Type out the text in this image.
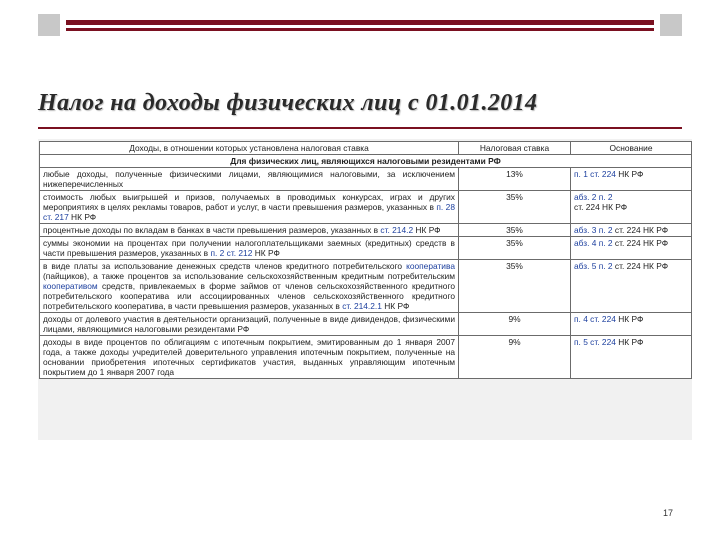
Налог на доходы физических лиц с 01.01.2014
Доходы, в отношении которых установлена налоговая ставка	Налоговая ставка	Основание
Для физических лиц, являющихся налоговыми резидентами РФ		
любые доходы, полученные физическими лицами, являющимися налоговыми, за исключением нижеперечисленных	13%	п. 1 ст. 224 НК РФ
стоимость любых выигрышей и призов, получаемых в проводимых конкурсах, играх и других мероприятиях в целях рекламы товаров, работ и услуг, в части превышения размеров, указанных в п. 28 ст. 217 НК РФ	35%	абз. 2 п. 2
ст. 224 НК РФ
процентные доходы по вкладам в банках в части превышения размеров, указанных в ст. 214.2 НК РФ	35%	абз. 3 п. 2 ст. 224 НК РФ
суммы экономии на процентах при получении налогоплательщиками заемных (кредитных) средств в части превышения размеров, указанных в п. 2 ст. 212 НК РФ	35%	абз. 4 п. 2 ст. 224 НК РФ
в виде платы за использование денежных средств членов кредитного потребительского кооператива (пайщиков), а также процентов за использование сельскохозяйственным кредитным потребительским кооперативом средств, привлекаемых в форме займов от членов сельскохозяйственного кредитного потребительского кооператива или ассоциированных членов сельскохозяйственного кредитного потребительского кооператива, в части превышения размеров, указанных в ст. 214.2.1 НК РФ	35%	абз. 5 п. 2 ст. 224 НК РФ
доходы от долевого участия в деятельности организаций, полученные в виде дивидендов, физическими лицами, являющимися налоговыми резидентами РФ	9%	п. 4 ст. 224 НК РФ
доходы в виде процентов по облигациям с ипотечным покрытием, эмитированным до 1 января 2007 года, а также доходы учредителей доверительного управления ипотечным покрытием, полученные на основании приобретения ипотечных сертификатов участия, выданных управляющим ипотечным покрытием до 1 января 2007 года	9%	п. 5 ст. 224 НК РФ
17
